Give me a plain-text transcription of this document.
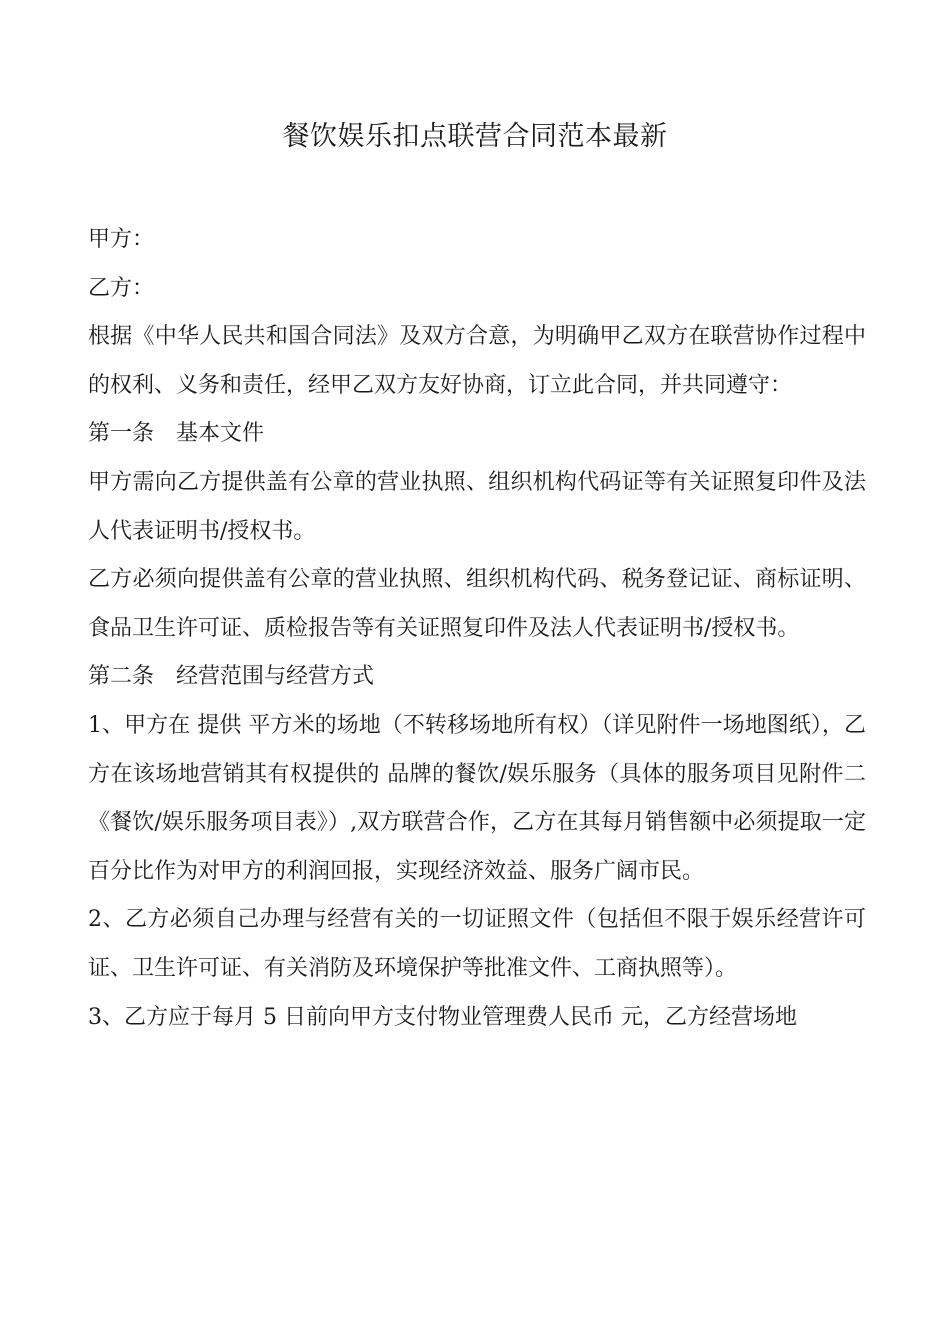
餐饮娱乐扣点联营合同范本最新

甲方：

乙方：

根据《中华人民共和国合同法》及双方合意，为明确甲乙双方在联营协作过程中的权利、义务和责任，经甲乙双方友好协商，订立此合同，并共同遵守：

第一条　基本文件

甲方需向乙方提供盖有公章的营业执照、组织机构代码证等有关证照复印件及法人代表证明书/授权书。

乙方必须向提供盖有公章的营业执照、组织机构代码、税务登记证、商标证明、食品卫生许可证、质检报告等有关证照复印件及法人代表证明书/授权书。

第二条　经营范围与经营方式

1、甲方在 提供 平方米的场地（不转移场地所有权）（详见附件一场地图纸），乙方在该场地营销其有权提供的 品牌的餐饮/娱乐服务（具体的服务项目见附件二《餐饮/娱乐服务项目表》）,双方联营合作，乙方在其每月销售额中必须提取一定百分比作为对甲方的利润回报，实现经济效益、服务广阔市民。

2、乙方必须自己办理与经营有关的一切证照文件（包括但不限于娱乐经营许可证、卫生许可证、有关消防及环境保护等批准文件、工商执照等）。

3、乙方应于每月 5 日前向甲方支付物业管理费人民币 元，乙方经营场地
